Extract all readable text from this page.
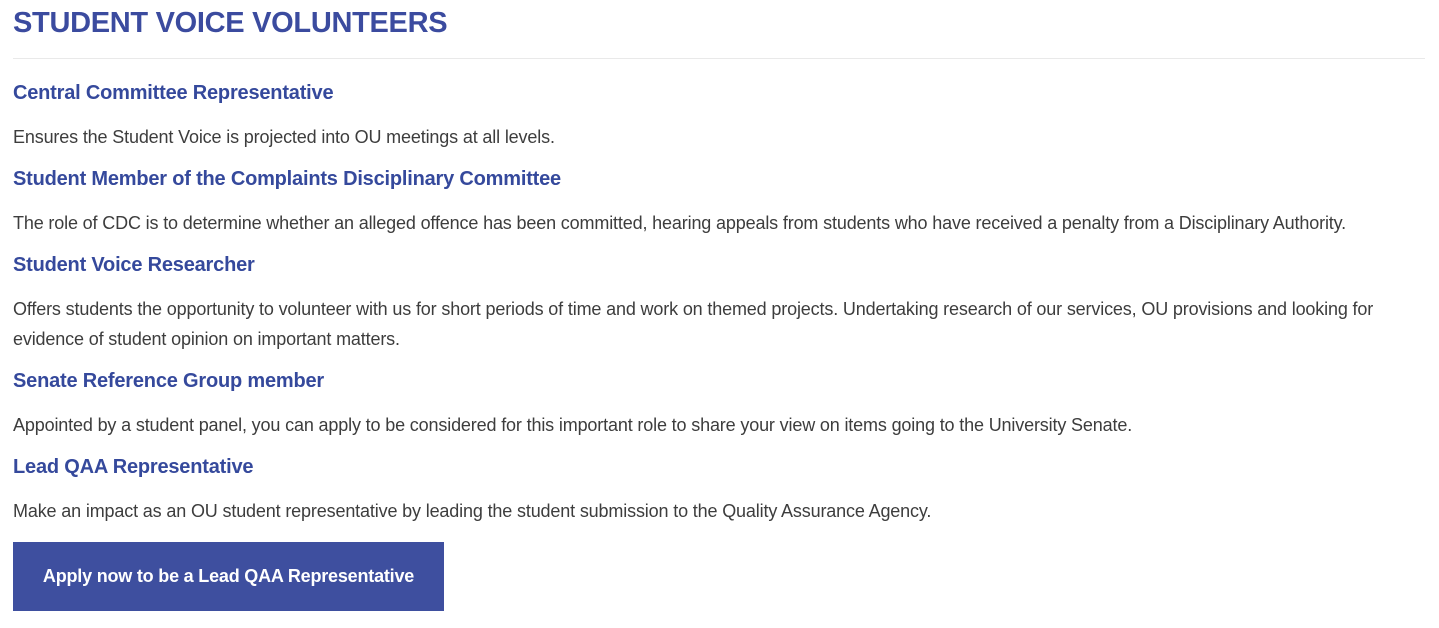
STUDENT VOICE VOLUNTEERS
Central Committee Representative

Ensures the Student Voice is projected into OU meetings at all levels.

Student Member of the Complaints Disciplinary Committee

The role of CDC is to determine whether an alleged offence has been committed, hearing appeals from students who have received a penalty from a Disciplinary Authority.

Student Voice Researcher

Offers students the opportunity to volunteer with us for short periods of time and work on themed projects. Undertaking research of our services, OU provisions and looking for evidence of student opinion on important matters.

Senate Reference Group member

Appointed by a student panel, you can apply to be considered for this important role to share your view on items going to the University Senate.

Lead QAA Representative

Make an impact as an OU student representative by leading the student submission to the Quality Assurance Agency.

Apply now to be a Lead QAA Representative
